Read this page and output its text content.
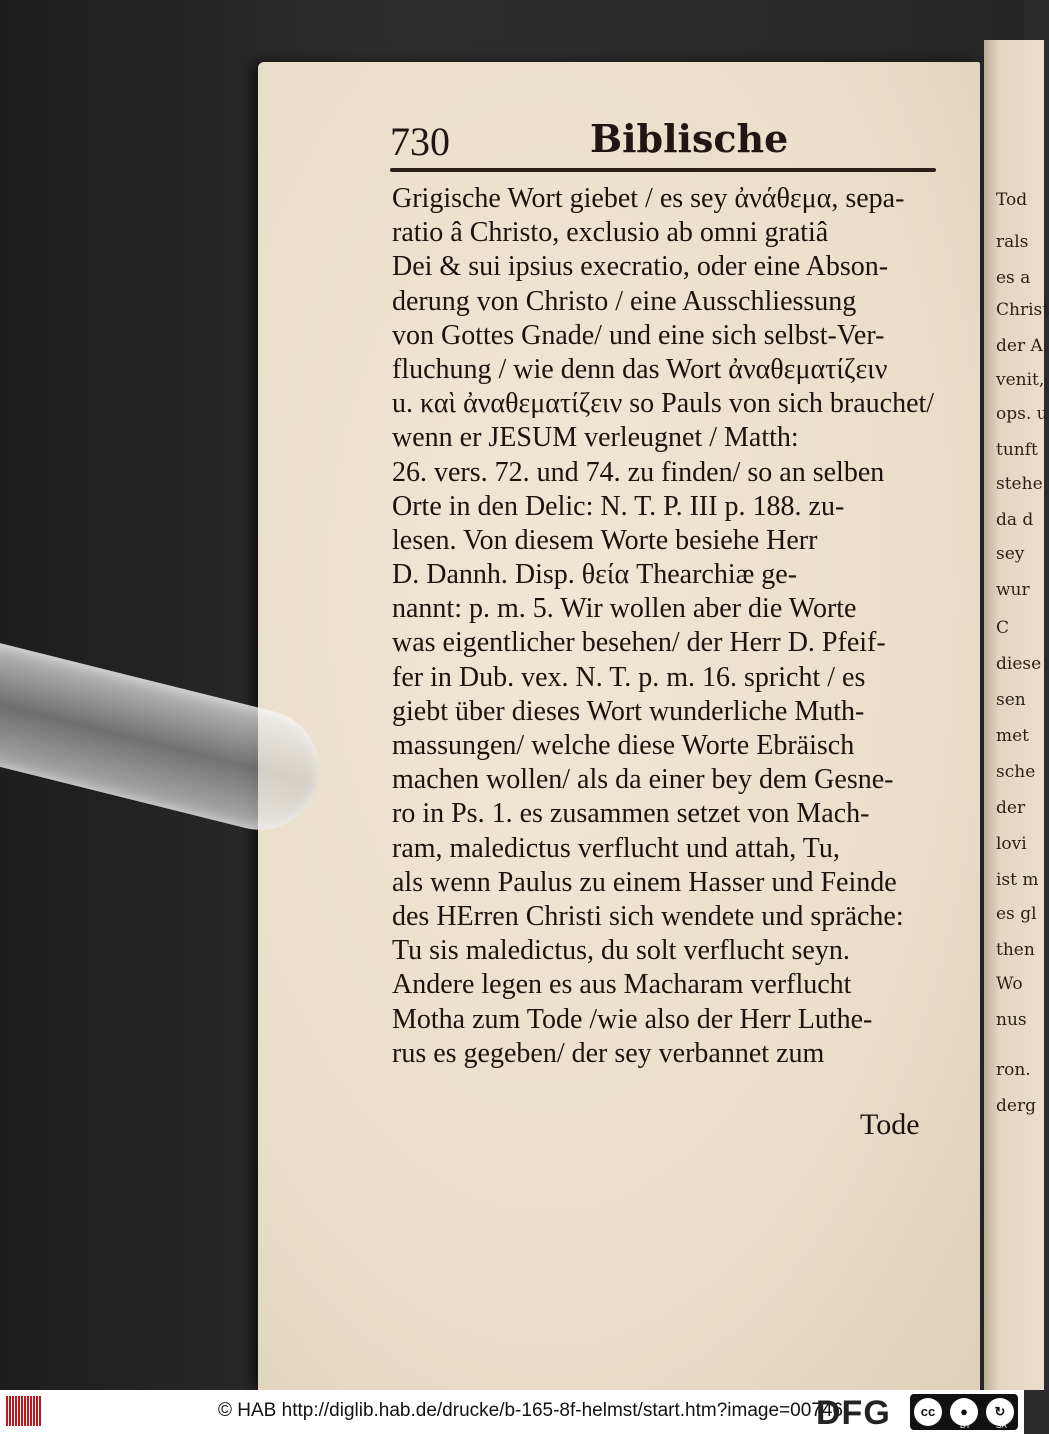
Tod
rals
es a
Christ
der A
venit,
ops. u
tunft
stehe
da d
sey
wur
C
diese
sen
met
sche
der
lovi
ist m
es gl
then
Wo
nus
ron.
derg
730	Biblische
Grigische Wort giebet / es sey ἀνάθεμα, sepa-
ratio â Christo, exclusio ab omni gratiâ
Dei & sui ipsius execratio, oder eine Abson-
derung von Christo / eine Ausschliessung
von Gottes Gnade/ und eine sich selbst-Ver-
fluchung / wie denn das Wort ἀναθεματίζειν
u. καὶ ἀναθεματίζειν so Pauls von sich brauchet/
wenn er JESUM verleugnet / Matth:
26. vers. 72. und 74. zu finden/ so an selben
Orte in den Delic: N. T. P. III p. 188. zu-
lesen. Von diesem Worte besiehe Herr
D. Dannh. Disp. θεία Thearchiæ ge-
nannt: p. m. 5. Wir wollen aber die Worte
was eigentlicher besehen/ der Herr D. Pfeif-
fer in Dub. vex. N. T. p. m. 16. spricht / es
giebt über dieses Wort wunderliche Muth-
massungen/ welche diese Worte Ebräisch
machen wollen/ als da einer bey dem Gesne-
ro in Ps. 1. es zusammen setzet von Mach-
ram, maledictus verflucht und attah, Tu,
als wenn Paulus zu einem Hasser und Feinde
des HErren Christi sich wendete und spräche:
Tu sis maledictus, du solt verflucht seyn.
Andere legen es aus Macharam verflucht
Motha zum Tode /wie also der Herr Luthe-
rus es gegeben/ der sey verbannet zum
Tode
© HAB http://diglib.hab.de/drucke/b-165-8f-helmst/start.htm?image=00746
DFG	cc	●	↻
BY	SA
